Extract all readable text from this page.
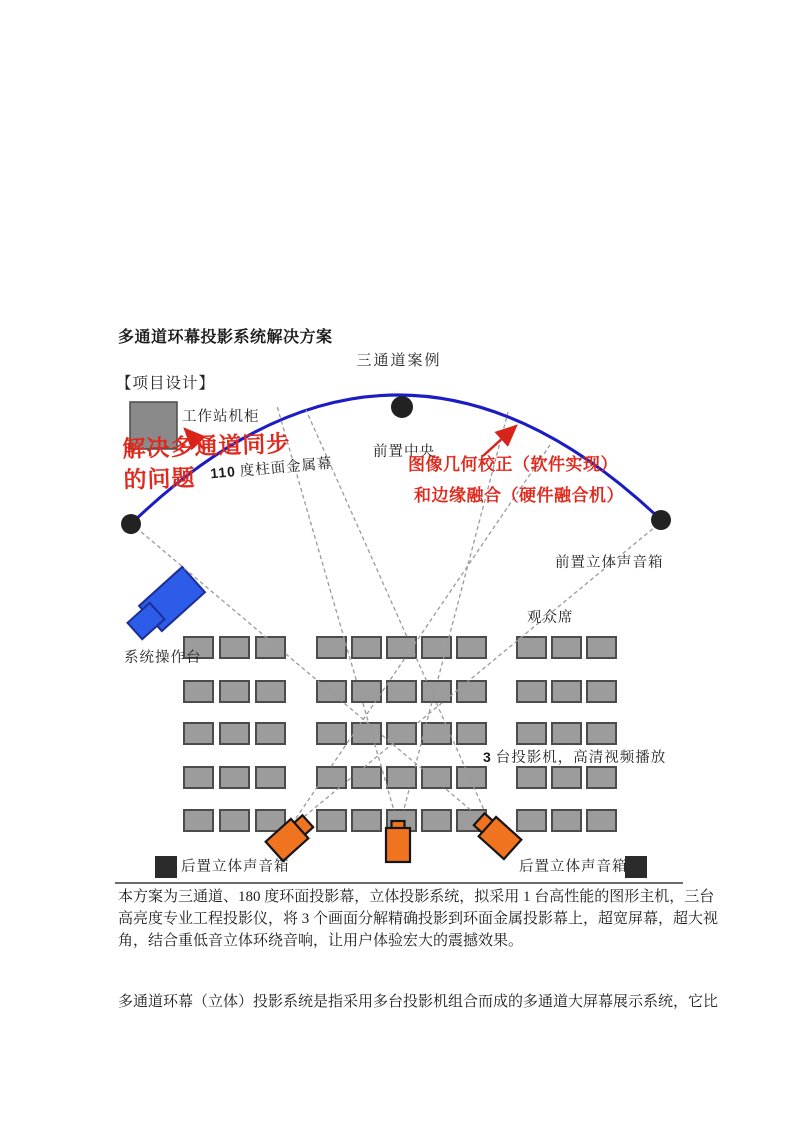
多通道环幕投影系统解决方案
三通道案例
【项目设计】
工作站机柜
110 度柱面金属幕
前置中央
前置立体声音箱
观众席
系统操作台
3 台投影机，高清视频播放
后置立体声音箱	后置立体声音箱
解决多通道同步
的问题
图像几何校正（软件实现）
和边缘融合（硬件融合机）
本方案为三通道、180 度环面投影幕，立体投影系统，拟采用 1 台高性能的图形主机，三台
高亮度专业工程投影仪，将 3 个画面分解精确投影到环面金属投影幕上，超宽屏幕，超大视
角，结合重低音立体环绕音响，让用户体验宏大的震撼效果。
多通道环幕（立体）投影系统是指采用多台投影机组合而成的多通道大屏幕展示系统，它比
